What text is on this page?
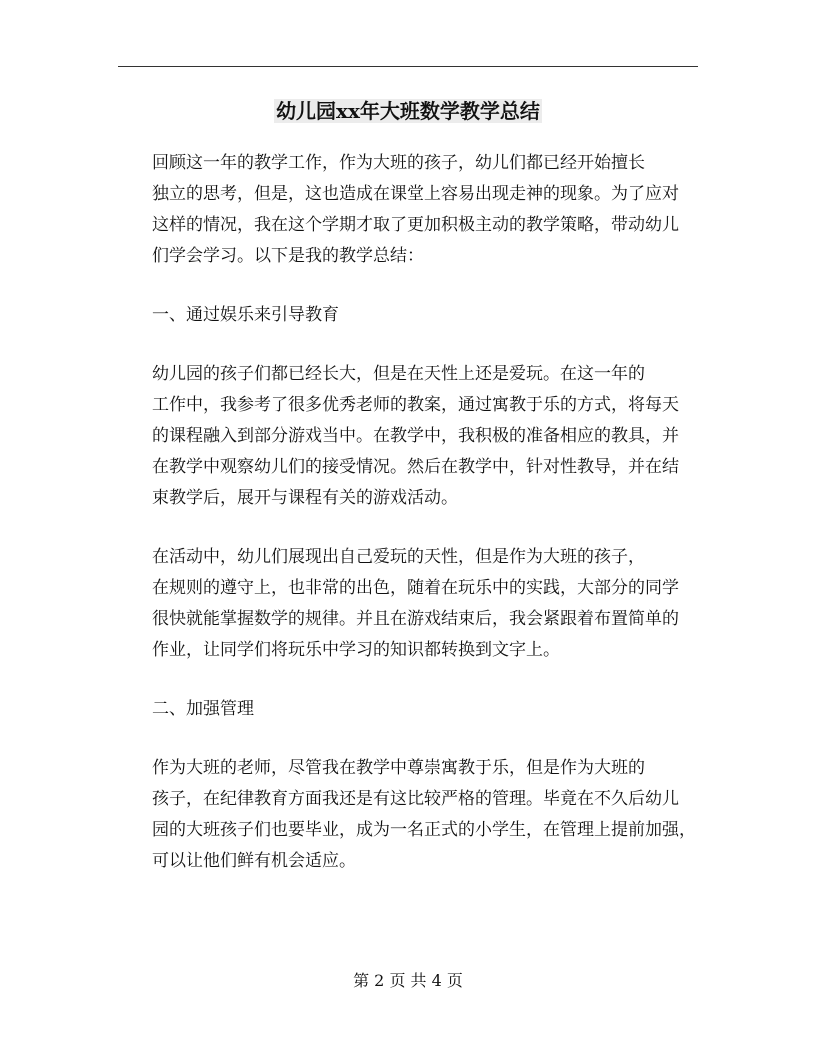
幼儿园xx年大班数学教学总结

回顾这一年的教学工作，作为大班的孩子，幼儿们都已经开始擅长
独立的思考，但是，这也造成在课堂上容易出现走神的现象。为了应对
这样的情况，我在这个学期才取了更加积极主动的教学策略，带动幼儿
们学会学习。以下是我的教学总结：

一、通过娱乐来引导教育

幼儿园的孩子们都已经长大，但是在天性上还是爱玩。在这一年的
工作中，我参考了很多优秀老师的教案，通过寓教于乐的方式，将每天
的课程融入到部分游戏当中。在教学中，我积极的准备相应的教具，并
在教学中观察幼儿们的接受情况。然后在教学中，针对性教导，并在结
束教学后，展开与课程有关的游戏活动。

在活动中，幼儿们展现出自己爱玩的天性，但是作为大班的孩子，
在规则的遵守上，也非常的出色，随着在玩乐中的实践，大部分的同学
很快就能掌握数学的规律。并且在游戏结束后，我会紧跟着布置简单的
作业，让同学们将玩乐中学习的知识都转换到文字上。

二、加强管理

作为大班的老师，尽管我在教学中尊崇寓教于乐，但是作为大班的
孩子，在纪律教育方面我还是有这比较严格的管理。毕竟在不久后幼儿
园的大班孩子们也要毕业，成为一名正式的小学生，在管理上提前加强，
可以让他们鲜有机会适应。

第 2 页 共 4 页
